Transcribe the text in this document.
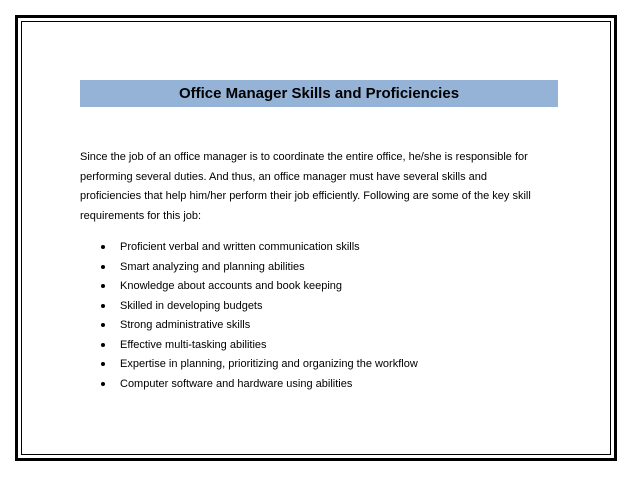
Office Manager Skills and Proficiencies
Since the job of an office manager is to coordinate the entire office, he/she is responsible for performing several duties. And thus, an office manager must have several skills and proficiencies that help him/her perform their job efficiently. Following are some of the key skill requirements for this job:
Proficient verbal and written communication skills
Smart analyzing and planning abilities
Knowledge about accounts and book keeping
Skilled in developing budgets
Strong administrative skills
Effective multi-tasking abilities
Expertise in planning, prioritizing and organizing the workflow
Computer software and hardware using abilities
